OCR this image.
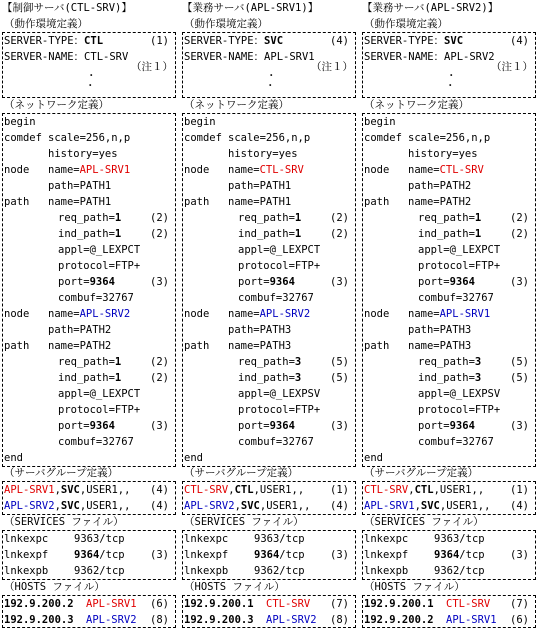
【制御サーバ(CTL-SRV)】
（動作環境定義）
SERVER-TYPE：CTL	(1)
SERVER-NAME：CTL-SRV
（注１）
・
・
（ネットワーク定義）
begin
comdef scale=256,n,p
history=yes
node name=APL-SRV1
path=PATH1
path name=PATH1
req_path=1	(2)
ind_path=1	(2)
appl=@_LEXPCT
protocol=FTP+
port=9364	(3)
combuf=32767
node name=APL-SRV2
path=PATH2
path name=PATH2
req_path=1	(2)
ind_path=1	(2)
appl=@_LEXPCT
protocol=FTP+
port=9364	(3)
combuf=32767
end
（サーバグループ定義）
APL-SRV1,SVC,USER1,, (4)
APL-SRV2,SVC,USER1,, (4)
（SERVICES ファイル）
lnkexpc 9363/tcp
lnkexpf 9364/tcp (3)
lnkexpb 9362/tcp
（HOSTS ファイル）
192.9.200.2 APL-SRV1 (6)
192.9.200.3 APL-SRV2 (8)
【業務サーバ(APL-SRV1)】
（動作環境定義）
SERVER-TYPE：SVC	(4)
SERVER-NAME：APL-SRV1
（注１）
・
・
（ネットワーク定義）
begin
comdef scale=256,n,p
history=yes
node name=CTL-SRV
path=PATH1
path name=PATH1
req_path=1	(2)
ind_path=1	(2)
appl=@_LEXPCT
protocol=FTP+
port=9364	(3)
combuf=32767
node name=APL-SRV2
path=PATH3
path name=PATH3
req_path=3	(5)
ind_path=3	(5)
appl=@_LEXPSV
protocol=FTP+
port=9364	(3)
combuf=32767
end
（サーバグループ定義）
CTL-SRV,CTL,USER1,, (1)
APL-SRV2,SVC,USER1,, (4)
（SERVICES ファイル）
lnkexpc 9363/tcp
lnkexpf 9364/tcp (3)
lnkexpb 9362/tcp
（HOSTS ファイル）
192.9.200.1 CTL-SRV (7)
192.9.200.3 APL-SRV2 (8)
【業務サーバ(APL-SRV2)】
（動作環境定義）
SERVER-TYPE：SVC	(4)
SERVER-NAME：APL-SRV2
（注１）
・
・
（ネットワーク定義）
begin
comdef scale=256,n,p
history=yes
node name=CTL-SRV
path=PATH2
path name=PATH2
req_path=1	(2)
ind_path=1	(2)
appl=@_LEXPCT
protocol=FTP+
port=9364	(3)
combuf=32767
node name=APL-SRV1
path=PATH3
path name=PATH3
req_path=3	(5)
ind_path=3	(5)
appl=@_LEXPSV
protocol=FTP+
port=9364	(3)
combuf=32767
end
（サーバグループ定義）
CTL-SRV,CTL,USER1,, (1)
APL-SRV1,SVC,USER1,, (4)
（SERVICES ファイル）
lnkexpc 9363/tcp
lnkexpf 9364/tcp (3)
lnkexpb 9362/tcp
（HOSTS ファイル）
192.9.200.1 CTL-SRV (7)
192.9.200.2 APL-SRV1 (6)
